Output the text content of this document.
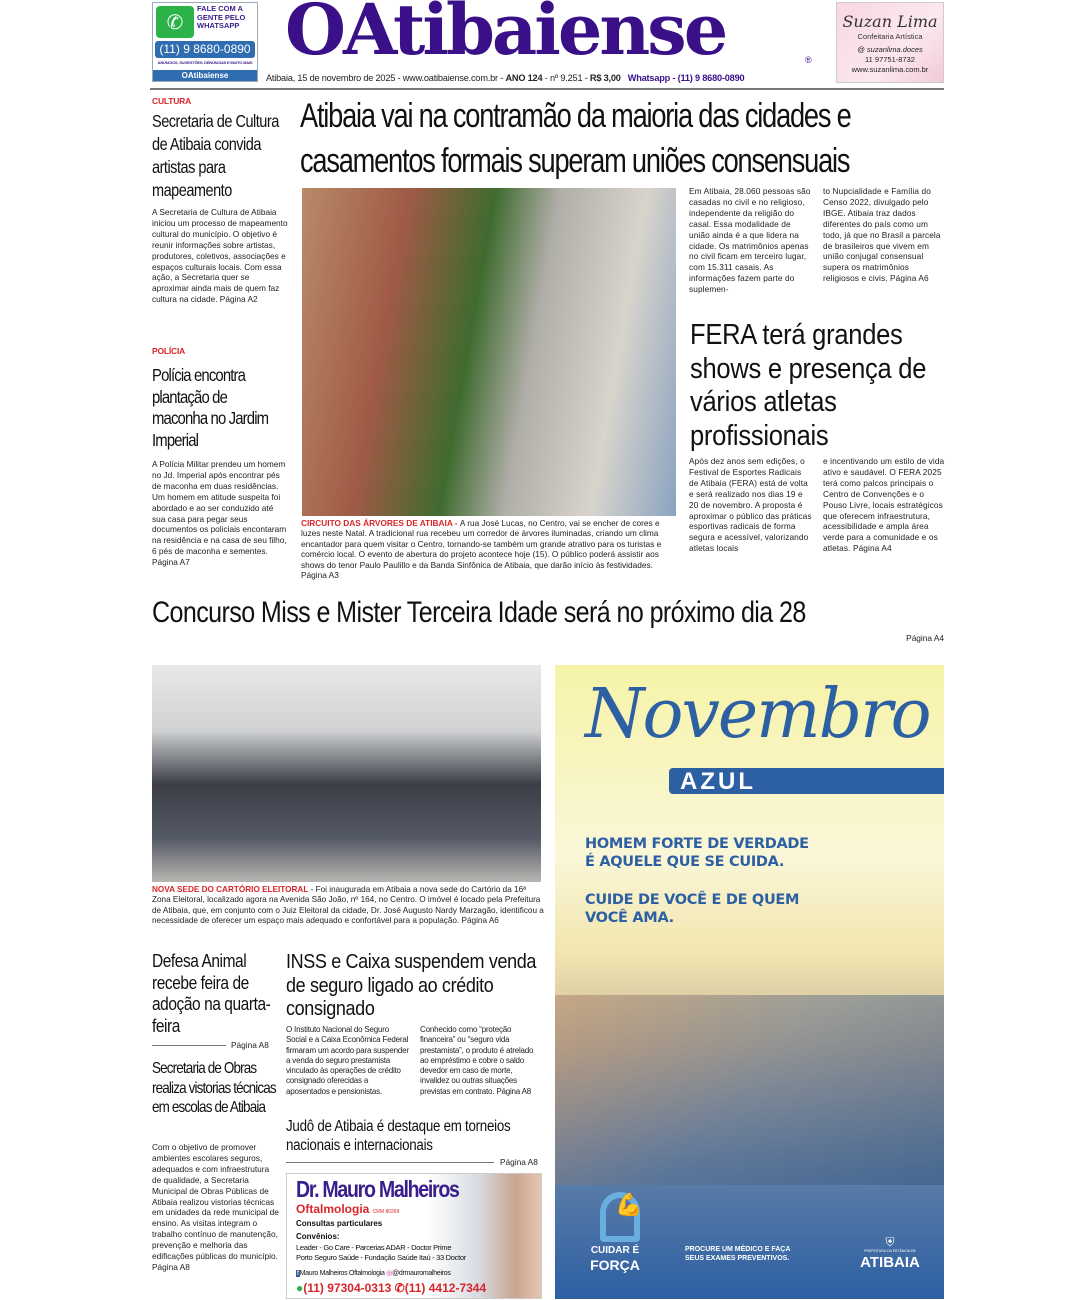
✆
FALE COM A GENTE PELO WHATSAPP
(11) 9 8680-0890
ANÚNCIOS, SUGESTÕES, DENÚNCIAS E MUITO MAIS
OAtibaiense
OAtibaiense	®
Suzan Lima
Confeitaria Artística
@ suzanlima.doces
11 97751-8732
www.suzanlima.com.br
Atibaia, 15 de novembro de 2025 - www.oatibaiense.com.br - ANO 124 - nº 9.251 - R$ 3,00 Whatsapp - (11) 9 8680-0890
CULTURA
Secretaria de Cultura de Atibaia convida artistas para mapeamento
A Secretaria de Cultura de Atibaia iniciou um processo de mapeamento cultural do município. O objetivo é reunir informações sobre artistas, produtores, coletivos, associações e espaços culturais locais. Com essa ação, a Secretaria quer se aproximar ainda mais de quem faz cultura na cidade. Página A2
POLÍCIA
Polícia encontra plantação de maconha no Jardim Imperial
A Polícia Militar prendeu um homem no Jd. Imperial após encontrar pés de maconha em duas residências. Um homem em atitude suspeita foi abordado e ao ser conduzido até sua casa para pegar seus documentos os policiais encontaram na residência e na casa de seu filho, 6 pés de maconha e sementes. Página A7
Atibaia vai na contramão da maioria das cidades e casamentos formais superam uniões consensuais
CIRCUITO DAS ÁRVORES DE ATIBAIA - A rua José Lucas, no Centro, vai se encher de cores e luzes neste Natal. A tradicional rua recebeu um corredor de árvores iluminadas, criando um clima encantador para quem visitar o Centro, tornando-se também um grande atrativo para os turistas e comércio local. O evento de abertura do projeto acontece hoje (15). O público poderá assistir aos shows do tenor Paulo Paulillo e da Banda Sinfônica de Atibaia, que darão início às festividades. Página A3
Em Atibaia, 28.060 pessoas são casadas no civil e no religioso, independente da religião do casal. Essa modalidade de união ainda é a que lidera na cidade. Os matrimônios apenas no civil ficam em terceiro lugar, com 15.311 casais. As informações fazem parte do suplemen-
to Nupcialidade e Família do Censo 2022, divulgado pelo IBGE. Atibaia traz dados diferentes do país como um todo, já que no Brasil a parcela de brasileiros que vivem em união conjugal consensual supera os matrimônios religiosos e civis. Página A6
FERA terá grandes shows e presença de vários atletas profissionais
Após dez anos sem edições, o Festival de Esportes Radicais de Atibaia (FERA) está de volta e será realizado nos dias 19 e 20 de novembro. A proposta é aproximar o público das práticas esportivas radicais de forma segura e acessível, valorizando atletas locais
e incentivando um estilo de vida ativo e saudável. O FERA 2025 terá como palcos principais o Centro de Convenções e o Pouso Livre, locais estratégicos que oferecem infraestrutura, acessibilidade e ampla área verde para a comunidade e os atletas. Página A4
Concurso Miss e Mister Terceira Idade será no próximo dia 28
Página A4
NOVA SEDE DO CARTÓRIO ELEITORAL - Foi inaugurada em Atibaia a nova sede do Cartório da 16ª Zona Eleitoral, localizado agora na Avenida São João, nº 164, no Centro. O imóvel é locado pela Prefeitura de Atibaia, que, em conjunto com o Juiz Eleitoral da cidade, Dr. José Augusto Nardy Marzagão, identificou a necessidade de oferecer um espaço mais adequado e confortável para a população. Página A6
Defesa Animal recebe feira de adoção na quarta-feira
Página A8
Secretaria de Obras realiza vistorias técnicas em escolas de Atibaia
Com o objetivo de promover ambientes escolares seguros, adequados e com infraestrutura de qualidade, a Secretaria Municipal de Obras Públicas de Atibaia realizou vistorias técnicas em unidades da rede municipal de ensino. As visitas integram o trabalho contínuo de manutenção, prevenção e melhoria das edificações públicas do município. Página A8
INSS e Caixa suspendem venda de seguro ligado ao crédito consignado
O Instituto Nacional do Seguro Social e a Caixa Econômica Federal firmaram um acordo para suspender a venda do seguro prestamista vinculado às operações de crédito consignado oferecidas a aposentados e pensionistas.
Conhecido como “proteção financeira” ou “seguro vida prestamista”, o produto é atrelado ao empréstimo e cobre o saldo devedor em caso de morte, invalidez ou outras situações previstas em contrato. Página A8
Judô de Atibaia é destaque em torneios nacionais e internacionais
Página A8
Dr. Mauro Malheiros
Oftalmologia CRM 80269
Consultas particulares
Convênios:
Leader - Go Care - Parcerias ADAR - Doctor Prime
Porto Seguro Saúde - Fundação Saúde Itaú - 33 Doctor
fMauro Malheiros Oftalmologia ◎@drmauromalheiros
●(11) 97304-0313 ✆(11) 4412-7344
Novembro
AZUL
HOMEM FORTE DE VERDADE
É AQUELE QUE SE CUIDA.
CUIDE DE VOCÊ E DE QUEM
VOCÊ AMA.
💪
CUIDAR É
FORÇA
PROCURE UM MÉDICO E FAÇA
SEUS EXAMES PREVENTIVOS.
⛨
PREFEITURA DA ESTÂNCIA DE
ATIBAIA
